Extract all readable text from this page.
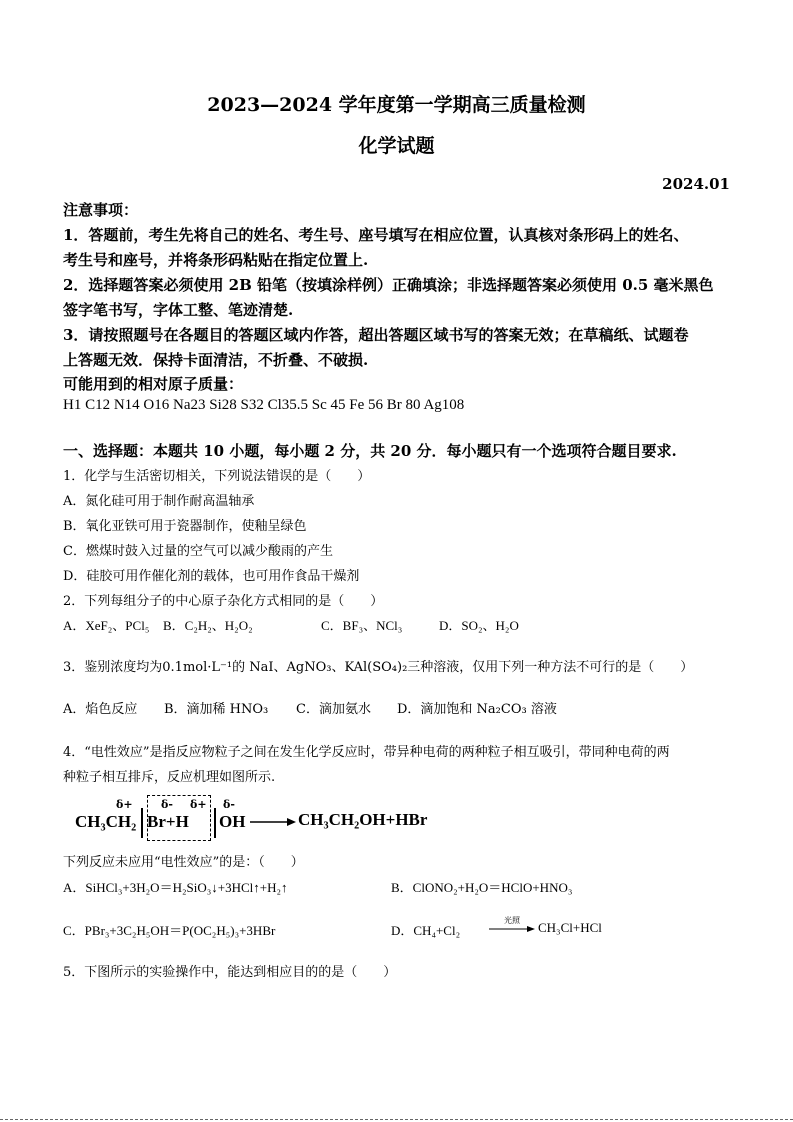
2023—2024 学年度第一学期高三质量检测
化学试题
2024.01
注意事项：
1．答题前，考生先将自己的姓名、考生号、座号填写在相应位置，认真核对条形码上的姓名、
考生号和座号，并将条形码粘贴在指定位置上.
2．选择题答案必须使用 2B 铅笔（按填涂样例）正确填涂；非选择题答案必须使用 0.5 毫米黑色
签字笔书写，字体工整、笔迹清楚.
3．请按照题号在各题目的答题区域内作答，超出答题区域书写的答案无效；在草稿纸、试题卷
上答题无效．保持卡面清洁，不折叠、不破损.
可能用到的相对原子质量：
H1 C12 N14 O16 Na23 Si28 S32 Cl35.5 Sc 45 Fe 56 Br 80 Ag108
一、选择题：本题共 10 小题，每小题 2 分，共 20 分．每小题只有一个选项符合题目要求.
1．化学与生活密切相关，下列说法错误的是（　　）
A．氮化硅可用于制作耐高温轴承
B．氧化亚铁可用于瓷器制作，使釉呈绿色
C．燃煤时鼓入过量的空气可以减少酸雨的产生
D．硅胶可用作催化剂的载体，也可用作食品干燥剂
2．下列每组分子的中心原子杂化方式相同的是（　　）
A．XeF₂、PCl₅ B．C₂H₂、H₂O₂	C．BF₃、NCl₃	D．SO₂、H₂O
3．鉴别浓度均为0.1mol·L⁻¹的 NaI、AgNO₃、KAl(SO₄)₂三种溶液，仅用下列一种方法不可行的是（　　）
A．焰色反应 B．滴加稀 HNO₃ C．滴加氨水 D．滴加饱和 Na₂CO₃ 溶液
4．“电性效应”是指反应物粒子之间在发生化学反应时，带异种电荷的两种粒子相互吸引，带同种电荷的两
种粒子相互排斥，反应机理如图所示.
δ+	δ- δ+ δ-
CH₃CH₂ Br+H OH → CH₃CH₂OH+HBr
下列反应未应用“电性效应”的是：（　　）
A．SiHCl₃+3H₂O＝H₂SiO₃↓+3HCl↑+H₂↑	B．ClONO₂+H₂O＝HClO+HNO₃
C．PBr₃+3C₂H₅OH＝P(OC₂H₅)₃+3HBr	D．CH₄+Cl₂
光照	CH₃Cl+HCl
5．下图所示的实验操作中，能达到相应目的的是（　　）
